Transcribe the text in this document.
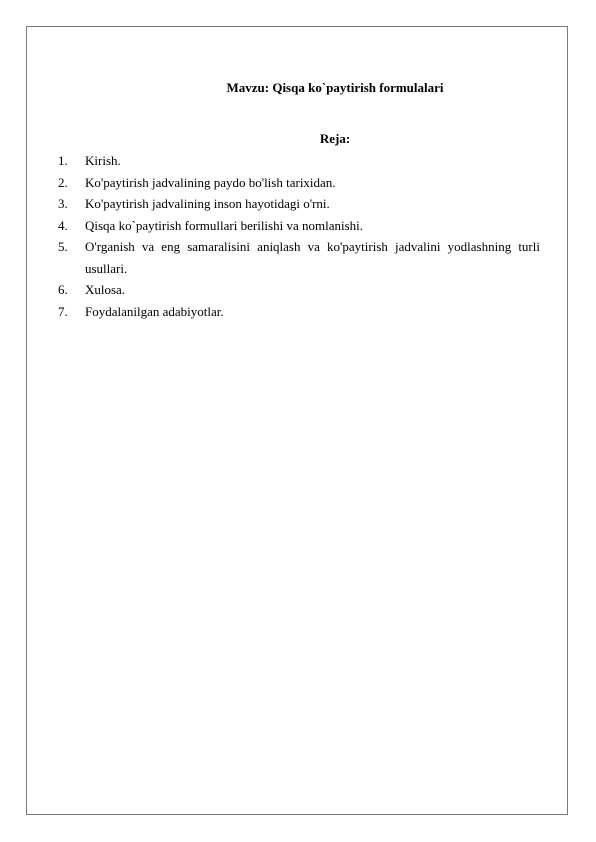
Mavzu: Qisqa ko`paytirish formulalari
Reja:
1.	Kirish.
2.	Ko'paytirish jadvalining paydo bo'lish tarixidan.
3.	Ko'paytirish jadvalining inson hayotidagi o'rni.
4.	Qisqa ko`paytirish formullari berilishi va nomlanishi.
5.	O'rganish va eng samaralisini aniqlash va ko'paytirish jadvalini yodlashning turli usullari.
6.	Xulosa.
7.	Foydalanilgan adabiyotlar.
